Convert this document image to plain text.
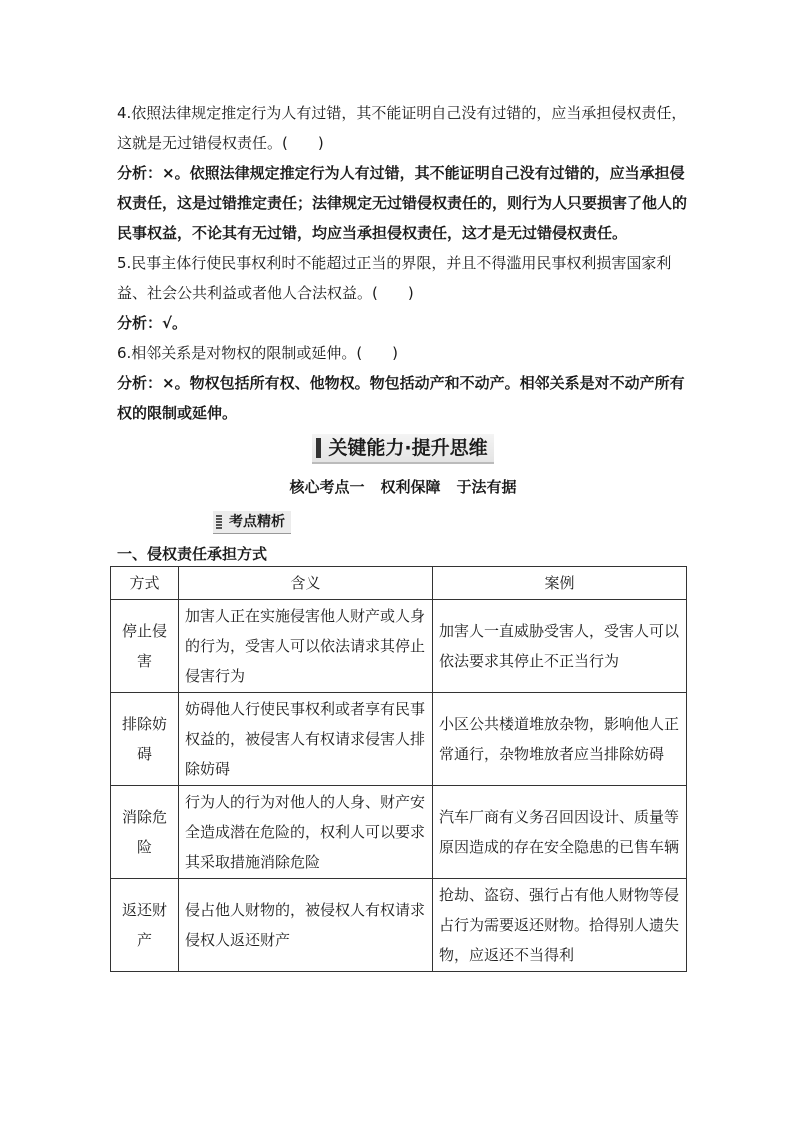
4.依照法律规定推定行为人有过错，其不能证明自己没有过错的，应当承担侵权责任，这就是无过错侵权责任。(　　)

分析：×。依照法律规定推定行为人有过错，其不能证明自己没有过错的，应当承担侵权责任，这是过错推定责任；法律规定无过错侵权责任的，则行为人只要损害了他人的民事权益，不论其有无过错，均应当承担侵权责任，这才是无过错侵权责任。

5.民事主体行使民事权利时不能超过正当的界限，并且不得滥用民事权利损害国家利益、社会公共利益或者他人合法权益。(　　)

分析：√。

6.相邻关系是对物权的限制或延伸。(　　)

分析：×。物权包括所有权、他物权。物包括动产和不动产。相邻关系是对不动产所有权的限制或延伸。

关键能力·提升思维
核心考点一 权利保障 于法有据
考点精析
一、侵权责任承担方式
方式	含义	案例
停止侵害	加害人正在实施侵害他人财产或人身的行为，受害人可以依法请求其停止侵害行为	加害人一直威胁受害人，受害人可以依法要求其停止不正当行为
排除妨碍	妨碍他人行使民事权利或者享有民事权益的，被侵害人有权请求侵害人排除妨碍	小区公共楼道堆放杂物，影响他人正常通行，杂物堆放者应当排除妨碍
消除危险	行为人的行为对他人的人身、财产安全造成潜在危险的，权利人可以要求其采取措施消除危险	汽车厂商有义务召回因设计、质量等原因造成的存在安全隐患的已售车辆
返还财产	侵占他人财物的，被侵权人有权请求侵权人返还财产	抢劫、盗窃、强行占有他人财物等侵占行为需要返还财物。拾得别人遗失物，应返还不当得利
